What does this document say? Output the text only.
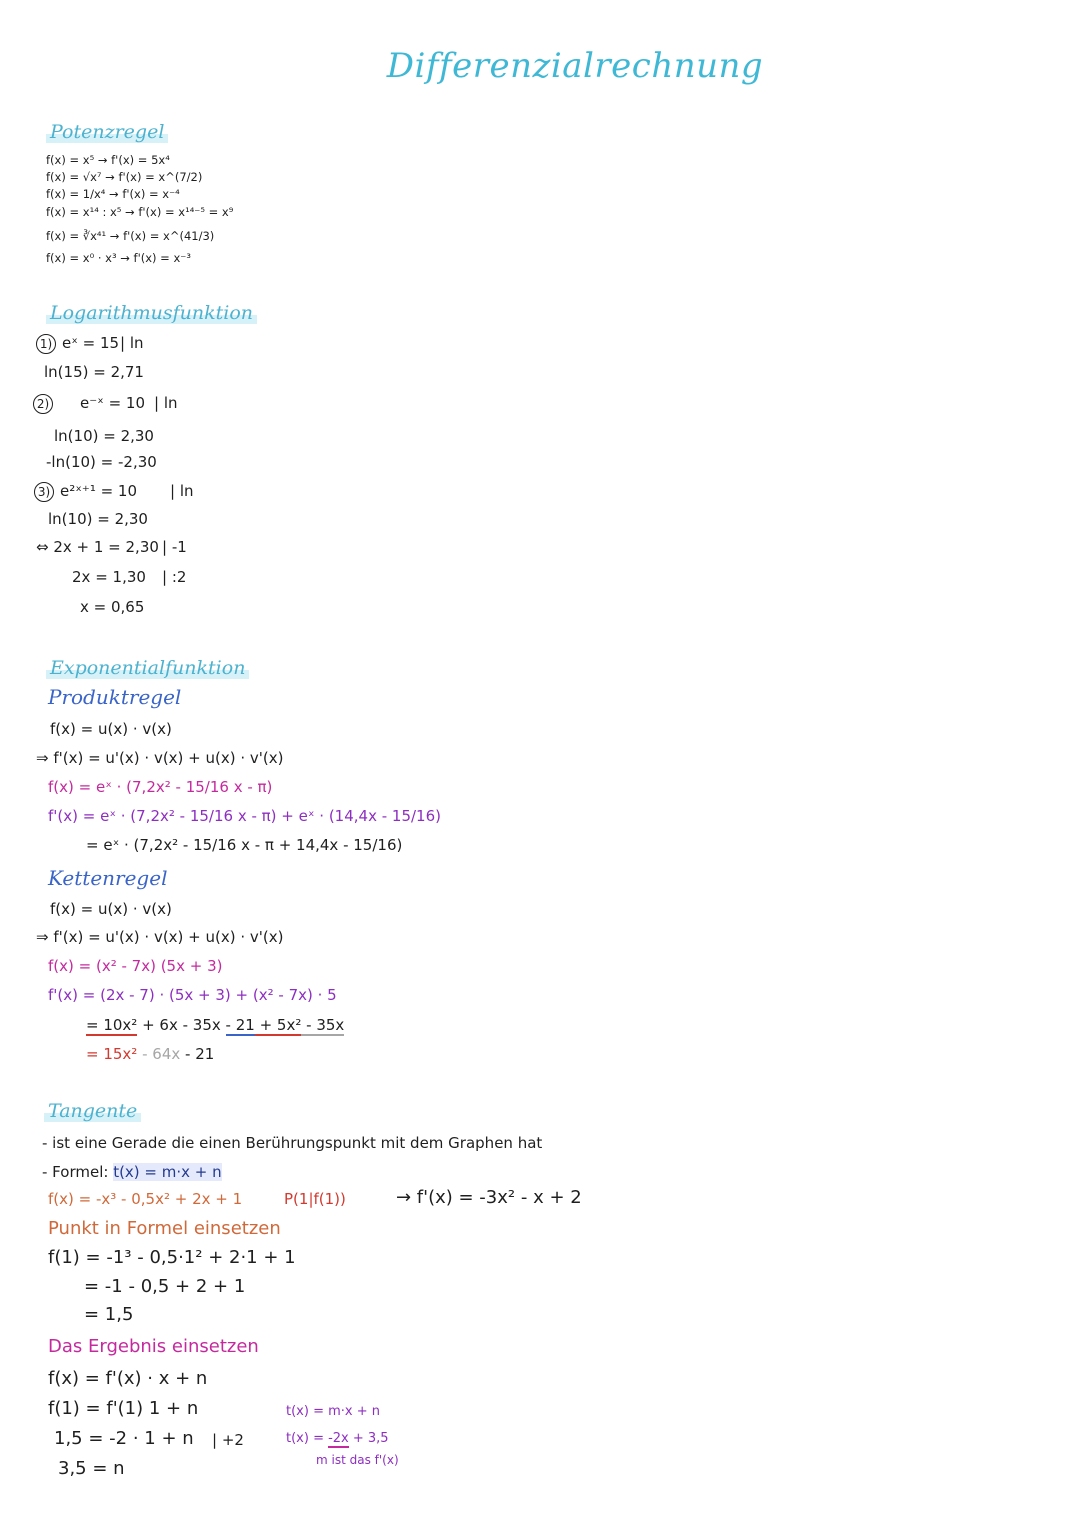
Differenzialrechnung
Potenzregel
f(x) = x⁵ → f'(x) = 5x⁴
f(x) = √x⁷ → f'(x) = x^(7/2)
f(x) = 1/x⁴ → f'(x) = x⁻⁴
f(x) = x¹⁴ : x⁵ → f'(x) = x¹⁴⁻⁵ = x⁹
f(x) = ∛x⁴¹ → f'(x) = x^(41/3)
f(x) = x⁰ · x³ → f'(x) = x⁻³
Logarithmusfunktion
1) eˣ = 15 | ln
ln(15) = 2,71
2)	e⁻ˣ = 10 | ln
ln(10) = 2,30
-ln(10) = -2,30
3) e²ˣ⁺¹ = 10 | ln
ln(10) = 2,30
⇔ 2x + 1 = 2,30 | -1
2x = 1,30 | :2
x = 0,65
Exponentialfunktion
Produktregel
f(x) = u(x) · v(x)
⇒ f'(x) = u'(x) · v(x) + u(x) · v'(x)
f(x) = eˣ · (7,2x² - 15/16 x - π)
f'(x) = eˣ · (7,2x² - 15/16 x - π) + eˣ · (14,4x - 15/16)
= eˣ · (7,2x² - 15/16 x - π + 14,4x - 15/16)
Kettenregel
f(x) = u(x) · v(x)
⇒ f'(x) = u'(x) · v(x) + u(x) · v'(x)
f(x) = (x² - 7x) (5x + 3)
f'(x) = (2x - 7) · (5x + 3) + (x² - 7x) · 5
= 10x² + 6x - 35x - 21 + 5x² - 35x
= 15x² - 64x - 21
Tangente
- ist eine Gerade die einen Berührungspunkt mit dem Graphen hat
- Formel: t(x) = m·x + n
f(x) = -x³ - 0,5x² + 2x + 1	P(1|f(1))	→ f'(x) = -3x² - x + 2
Punkt in Formel einsetzen
f(1) = -1³ - 0,5·1² + 2·1 + 1
= -1 - 0,5 + 2 + 1
= 1,5
Das Ergebnis einsetzen
f(x) = f'(x) · x + n
f(1) = f'(1) 1 + n
1,5 = -2 · 1 + n | +2
3,5 = n
t(x) = m·x + n
t(x) = -2x + 3,5
m ist das f'(x)
